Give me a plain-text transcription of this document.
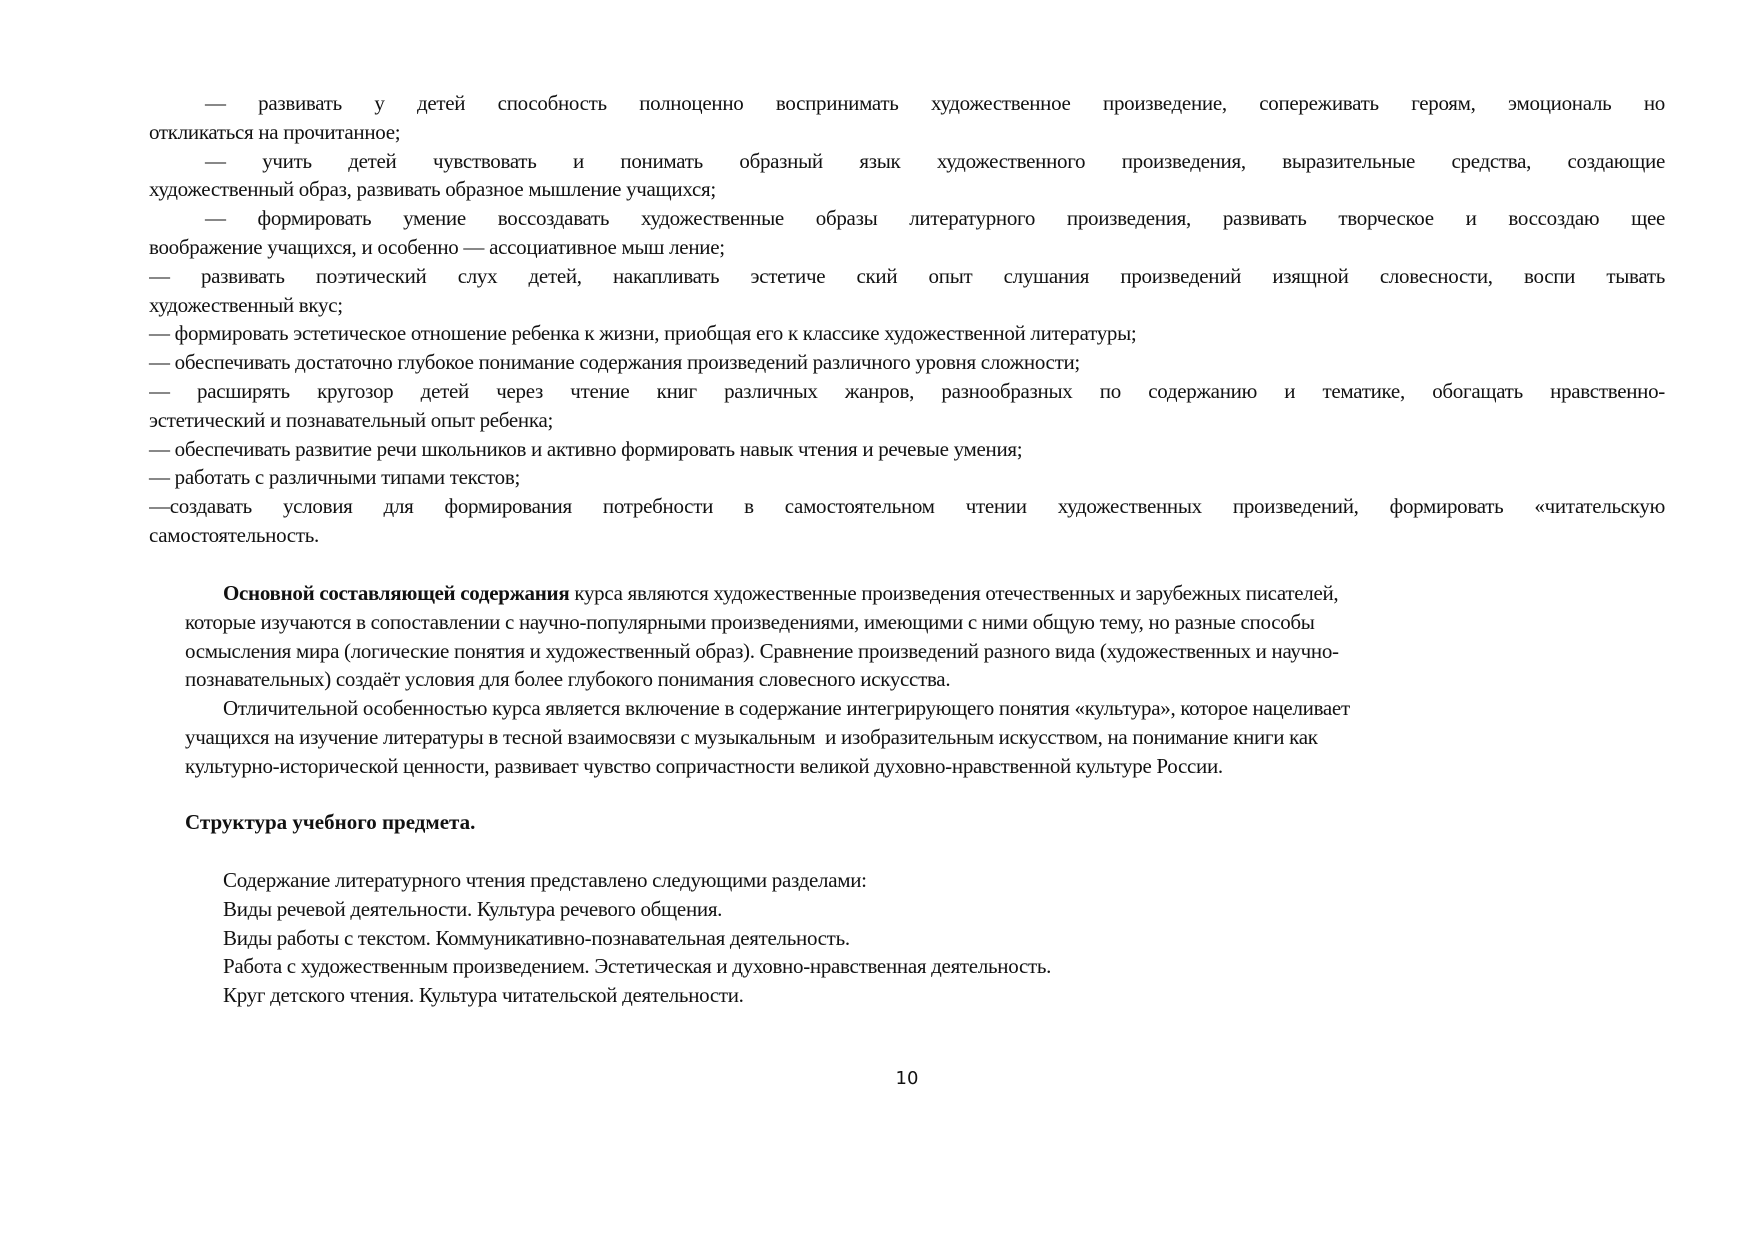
— развивать у детей способность полноценно воспринимать художественное произведение, сопереживать героям, эмоциональ но
откликаться на прочитанное;
— учить детей чувствовать и понимать образный язык художественного произведения, выразительные средства, создающие
художественный образ, развивать образное мышление учащихся;
— формировать умение воссоздавать художественные образы литературного произведения, развивать творческое и воссоздаю щее
воображение учащихся, и особенно — ассоциативное мыш ление;
— развивать поэтический слух детей, накапливать эстетиче ский опыт слушания произведений изящной словесности, воспи тывать
художественный вкус;
— формировать эстетическое отношение ребенка к жизни, приобщая его к классике художественной литературы;
— обеспечивать достаточно глубокое понимание содержания произведений различного уровня сложности;
— расширять кругозор детей через чтение книг различных жанров, разнообразных по содержанию и тематике, обогащать нравственно-
эстетический и познавательный опыт ребенка;
— обеспечивать развитие речи школьников и активно формировать навык чтения и речевые умения;
— работать с различными типами текстов;
—создавать условия для формирования потребности в самостоятельном чтении художественных произведений, формировать «читательскую
самостоятельность.
Основной составляющей содержания курса являются художественные произведения отечественных и зарубежных писателей,
которые изучаются в сопоставлении с научно-популярными произведениями, имеющими с ними общую тему, но разные способы
осмысления мира (логические понятия и художественный образ). Сравнение произведений разного вида (художественных и научно-
познавательных) создаёт условия для более глубокого понимания словесного искусства.
Отличительной особенностью курса является включение в содержание интегрирующего понятия «культура», которое нацеливает
учащихся на изучение литературы в тесной взаимосвязи с музыкальным  и изобразительным искусством, на понимание книги как
культурно-исторической ценности, развивает чувство сопричастности великой духовно-нравственной культуре России.
Структура учебного предмета.
Содержание литературного чтения представлено следующими разделами:
Виды речевой деятельности. Культура речевого общения.
Виды работы с текстом. Коммуникативно-познавательная деятельность.
Работа с художественным произведением. Эстетическая и духовно-нравственная деятельность.
Круг детского чтения. Культура читательской деятельности.
10
